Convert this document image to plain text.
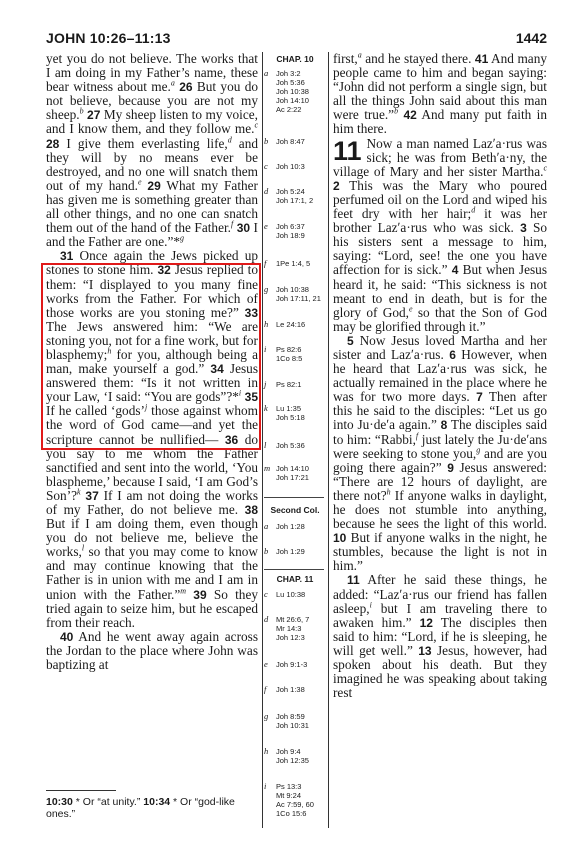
JOHN 10:26–11:13	1442

yet you do not believe. The works that I am doing in my Father’s name, these bear witness about me.$^a$ 26 But you do not believe, because you are not my sheep.$^b$ 27 My sheep listen to my voice, and I know them, and they follow me.$^c$ 28 I give them everlasting life,$^d$ and they will by no means ever be destroyed, and no one will snatch them out of my hand.$^e$ 29 What my Father has given me is something greater than all other things, and no one can snatch them out of the hand of the Father.$^f$ 30 I and the Father are one.”*$^g$

31 Once again the Jews picked up stones to stone him. 32 Jesus replied to them: “I displayed to you many fine works from the Father. For which of those works are you stoning me?” 33 The Jews answered him: “We are stoning you, not for a fine work, but for blasphemy;$^h$ for you, although being a man, make yourself a god.” 34 Jesus answered them: “Is it not written in your Law, ‘I said: “You are gods”?*$^i$ 35 If he called ‘gods’$^j$ those against whom the word of God came—and yet the scripture cannot be nullified— 36 do you say to me whom the Father sanctified and sent into the world, ‘You blaspheme,’ because I said, ‘I am God’s Son’?$^k$ 37 If I am not doing the works of my Father, do not believe me. 38 But if I am doing them, even though you do not believe me, believe the works,$^l$ so that you may come to know and may continue knowing that the Father is in union with me and I am in union with the Father.”$^m$ 39 So they tried again to seize him, but he escaped from their reach.

40 And he went away again across the Jordan to the place where John was baptizing at

CHAP. 10
a Joh 3:2
Joh 5:36
Joh 10:38
Joh 14:10
Ac 2:22
b Joh 8:47
c Joh 10:3
d Joh 5:24
Joh 17:1, 2
e Joh 6:37
Joh 18:9
f 1Pe 1:4, 5
g Joh 10:38
Joh 17:11, 21
h Le 24:16
i Ps 82:6
1Co 8:5
j Ps 82:1
k Lu 1:35
Joh 5:18
l Joh 5:36
m Joh 14:10
Joh 17:21
Second Col.
a Joh 1:28
b Joh 1:29
CHAP. 11
c Lu 10:38
d Mt 26:6, 7
Mr 14:3
Joh 12:3
e Joh 9:1-3
f Joh 1:38
g Joh 8:59
Joh 10:31
h Joh 9:4
Joh 12:35
i Ps 13:3
Mt 9:24
Ac 7:59, 60
1Co 15:6

first,$^a$ and he stayed there. 41 And many people came to him and began saying: “John did not perform a single sign, but all the things John said about this man were true.”$^b$ 42 And many put faith in him there.

11 Now a man named Lazʹa·rus was sick; he was from Bethʹa·ny, the village of Mary and her sister Martha.$^c$ 2 This was the Mary who poured perfumed oil on the Lord and wiped his feet dry with her hair;$^d$ it was her brother Lazʹa·rus who was sick. 3 So his sisters sent a message to him, saying: “Lord, see! the one you have affection for is sick.” 4 But when Jesus heard it, he said: “This sickness is not meant to end in death, but is for the glory of God,$^e$ so that the Son of God may be glorified through it.”

5 Now Jesus loved Martha and her sister and Lazʹa·rus. 6 However, when he heard that Lazʹa·rus was sick, he actually remained in the place where he was for two more days. 7 Then after this he said to the disciples: “Let us go into Ju·deʹa again.” 8 The disciples said to him: “Rabbi,$^f$ just lately the Ju·deʹans were seeking to stone you,$^g$ and are you going there again?” 9 Jesus answered: “There are 12 hours of daylight, are there not?$^h$ If anyone walks in daylight, he does not stumble into anything, because he sees the light of this world. 10 But if anyone walks in the night, he stumbles, because the light is not in him.”

11 After he said these things, he added: “Lazʹa·rus our friend has fallen asleep,$^i$ but I am traveling there to awaken him.” 12 The disciples then said to him: “Lord, if he is sleeping, he will get well.” 13 Jesus, however, had spoken about his death. But they imagined he was speaking about taking rest

10:30 * Or “at unity.” 10:34 * Or “god-like ones.”
